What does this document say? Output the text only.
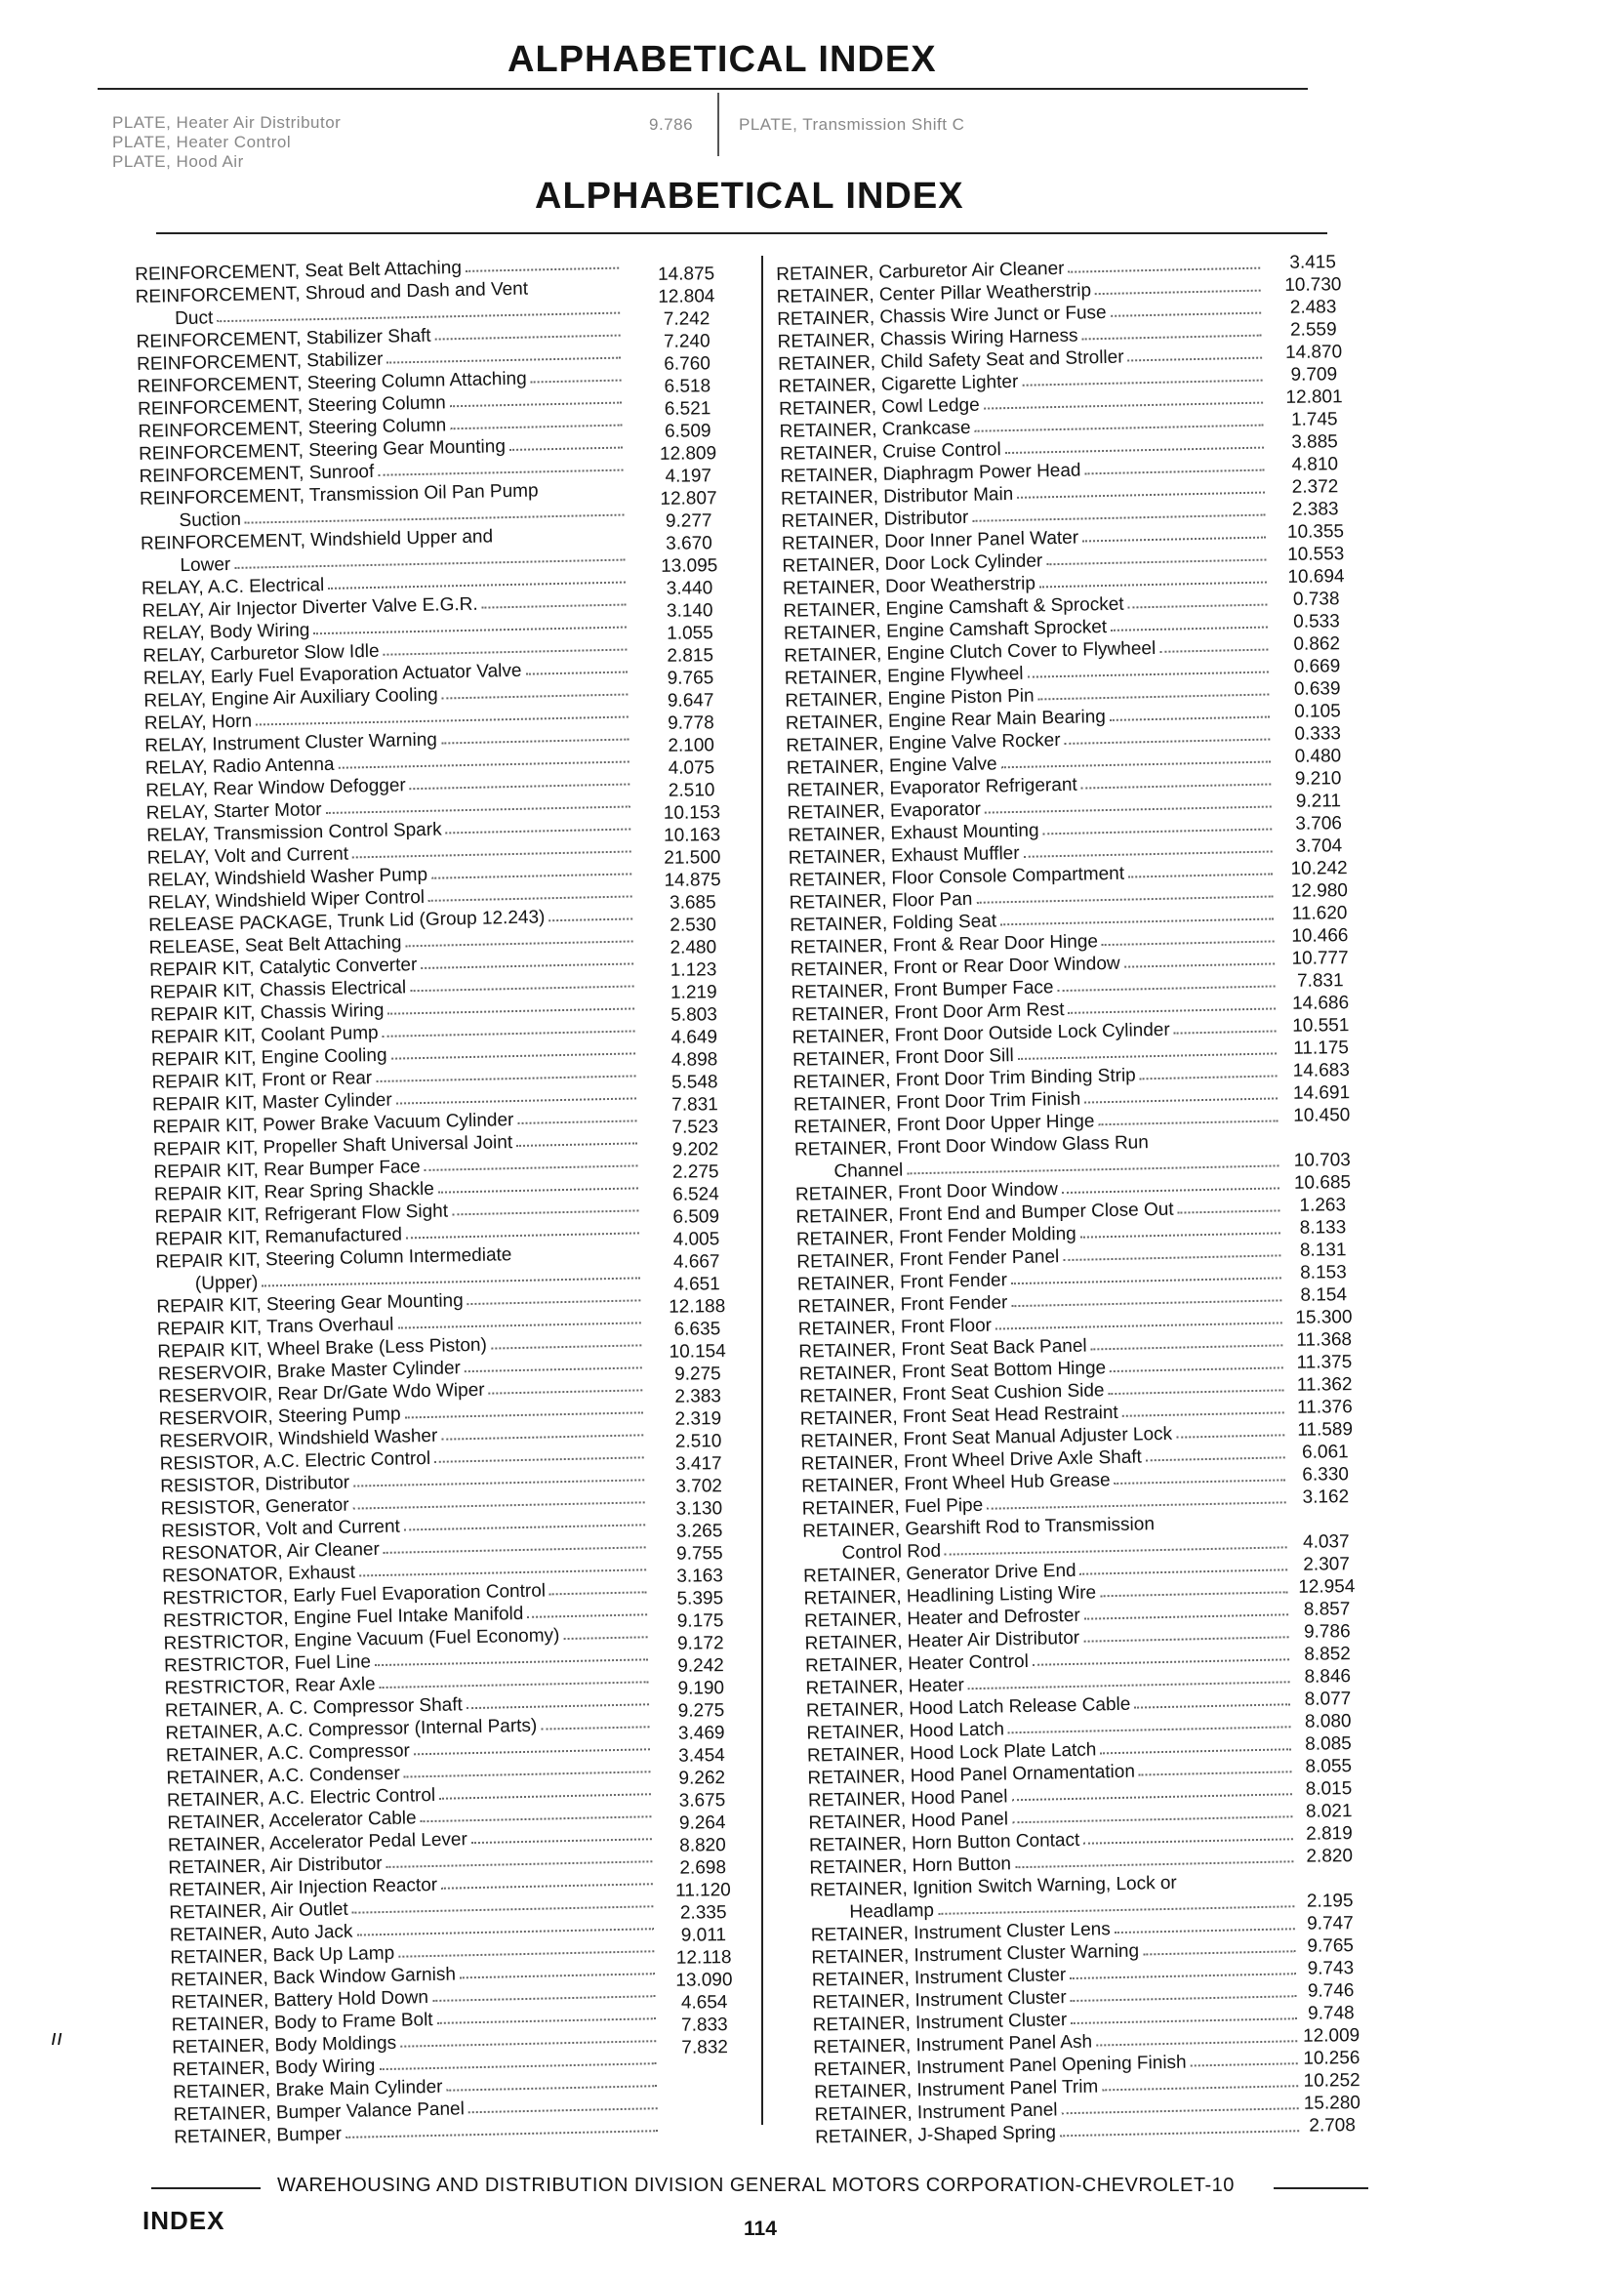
ALPHABETICAL INDEX
PLATE, Heater Air Distributor
PLATE, Heater Control
PLATE, Hood Air
9.786	PLATE, Transmission Shift C
ALPHABETICAL INDEX
REINFORCEMENT, Seat Belt Attaching
REINFORCEMENT, Shroud and Dash and Vent
Duct
REINFORCEMENT, Stabilizer Shaft
REINFORCEMENT, Stabilizer
REINFORCEMENT, Steering Column Attaching
REINFORCEMENT, Steering Column
REINFORCEMENT, Steering Column
REINFORCEMENT, Steering Gear Mounting
REINFORCEMENT, Sunroof
REINFORCEMENT, Transmission Oil Pan Pump
Suction
REINFORCEMENT, Windshield Upper and
Lower
RELAY, A.C. Electrical
RELAY, Air Injector Diverter Valve E.G.R.
RELAY, Body Wiring
RELAY, Carburetor Slow Idle
RELAY, Early Fuel Evaporation Actuator Valve
RELAY, Engine Air Auxiliary Cooling
RELAY, Horn
RELAY, Instrument Cluster Warning
RELAY, Radio Antenna
RELAY, Rear Window Defogger
RELAY, Starter Motor
RELAY, Transmission Control Spark
RELAY, Volt and Current
RELAY, Windshield Washer Pump
RELAY, Windshield Wiper Control
RELEASE PACKAGE, Trunk Lid (Group 12.243)
RELEASE, Seat Belt Attaching
REPAIR KIT, Catalytic Converter
REPAIR KIT, Chassis Electrical
REPAIR KIT, Chassis Wiring
REPAIR KIT, Coolant Pump
REPAIR KIT, Engine Cooling
REPAIR KIT, Front or Rear
REPAIR KIT, Master Cylinder
REPAIR KIT, Power Brake Vacuum Cylinder
REPAIR KIT, Propeller Shaft Universal Joint
REPAIR KIT, Rear Bumper Face
REPAIR KIT, Rear Spring Shackle
REPAIR KIT, Refrigerant Flow Sight
REPAIR KIT, Remanufactured
REPAIR KIT, Steering Column Intermediate
(Upper)
REPAIR KIT, Steering Gear Mounting
REPAIR KIT, Trans Overhaul
REPAIR KIT, Wheel Brake (Less Piston)
RESERVOIR, Brake Master Cylinder
RESERVOIR, Rear Dr/Gate Wdo Wiper
RESERVOIR, Steering Pump
RESERVOIR, Windshield Washer
RESISTOR, A.C. Electric Control
RESISTOR, Distributor
RESISTOR, Generator
RESISTOR, Volt and Current
RESONATOR, Air Cleaner
RESONATOR, Exhaust
RESTRICTOR, Early Fuel Evaporation Control
RESTRICTOR, Engine Fuel Intake Manifold
RESTRICTOR, Engine Vacuum (Fuel Economy)
RESTRICTOR, Fuel Line
RESTRICTOR, Rear Axle
RETAINER, A. C. Compressor Shaft
RETAINER, A.C. Compressor (Internal Parts)
RETAINER, A.C. Compressor
RETAINER, A.C. Condenser
RETAINER, A.C. Electric Control
RETAINER, Accelerator Cable
RETAINER, Accelerator Pedal Lever
RETAINER, Air Distributor
RETAINER, Air Injection Reactor
RETAINER, Air Outlet
RETAINER, Auto Jack
RETAINER, Back Up Lamp
RETAINER, Back Window Garnish
RETAINER, Battery Hold Down
RETAINER, Body to Frame Bolt
RETAINER, Body Moldings
RETAINER, Body Wiring
RETAINER, Brake Main Cylinder
RETAINER, Bumper Valance Panel
RETAINER, Bumper
14.875
12.804
7.242
7.240
6.760
6.518
6.521
6.509
12.809
4.197
12.807
9.277
3.670
13.095
3.440
3.140
1.055
2.815
9.765
9.647
9.778
2.100
4.075
2.510
10.153
10.163
21.500
14.875
3.685
2.530
2.480
1.123
1.219
5.803
4.649
4.898
5.548
7.831
7.523
9.202
2.275
6.524
6.509
4.005
4.667
4.651
12.188
6.635
10.154
9.275
2.383
2.319
2.510
3.417
3.702
3.130
3.265
9.755
3.163
5.395
9.175
9.172
9.242
9.190
9.275
3.469
3.454
9.262
3.675
9.264
8.820
2.698
11.120
2.335
9.011
12.118
13.090
4.654
7.833
7.832
RETAINER, Carburetor Air Cleaner
RETAINER, Center Pillar Weatherstrip
RETAINER, Chassis Wire Junct or Fuse
RETAINER, Chassis Wiring Harness
RETAINER, Child Safety Seat and Stroller
RETAINER, Cigarette Lighter
RETAINER, Cowl Ledge
RETAINER, Crankcase
RETAINER, Cruise Control
RETAINER, Diaphragm Power Head
RETAINER, Distributor Main
RETAINER, Distributor
RETAINER, Door Inner Panel Water
RETAINER, Door Lock Cylinder
RETAINER, Door Weatherstrip
RETAINER, Engine Camshaft & Sprocket
RETAINER, Engine Camshaft Sprocket
RETAINER, Engine Clutch Cover to Flywheel
RETAINER, Engine Flywheel
RETAINER, Engine Piston Pin
RETAINER, Engine Rear Main Bearing
RETAINER, Engine Valve Rocker
RETAINER, Engine Valve
RETAINER, Evaporator Refrigerant
RETAINER, Evaporator
RETAINER, Exhaust Mounting
RETAINER, Exhaust Muffler
RETAINER, Floor Console Compartment
RETAINER, Floor Pan
RETAINER, Folding Seat
RETAINER, Front & Rear Door Hinge
RETAINER, Front or Rear Door Window
RETAINER, Front Bumper Face
RETAINER, Front Door Arm Rest
RETAINER, Front Door Outside Lock Cylinder
RETAINER, Front Door Sill
RETAINER, Front Door Trim Binding Strip
RETAINER, Front Door Trim Finish
RETAINER, Front Door Upper Hinge
RETAINER, Front Door Window Glass Run
Channel
RETAINER, Front Door Window
RETAINER, Front End and Bumper Close Out
RETAINER, Front Fender Molding
RETAINER, Front Fender Panel
RETAINER, Front Fender
RETAINER, Front Fender
RETAINER, Front Floor
RETAINER, Front Seat Back Panel
RETAINER, Front Seat Bottom Hinge
RETAINER, Front Seat Cushion Side
RETAINER, Front Seat Head Restraint
RETAINER, Front Seat Manual Adjuster Lock
RETAINER, Front Wheel Drive Axle Shaft
RETAINER, Front Wheel Hub Grease
RETAINER, Fuel Pipe
RETAINER, Gearshift Rod to Transmission
Control Rod
RETAINER, Generator Drive End
RETAINER, Headlining Listing Wire
RETAINER, Heater and Defroster
RETAINER, Heater Air Distributor
RETAINER, Heater Control
RETAINER, Heater
RETAINER, Hood Latch Release Cable
RETAINER, Hood Latch
RETAINER, Hood Lock Plate Latch
RETAINER, Hood Panel Ornamentation
RETAINER, Hood Panel
RETAINER, Hood Panel
RETAINER, Horn Button Contact
RETAINER, Horn Button
RETAINER, Ignition Switch Warning, Lock or
Headlamp
RETAINER, Instrument Cluster Lens
RETAINER, Instrument Cluster Warning
RETAINER, Instrument Cluster
RETAINER, Instrument Cluster
RETAINER, Instrument Cluster
RETAINER, Instrument Panel Ash
RETAINER, Instrument Panel Opening Finish
RETAINER, Instrument Panel Trim
RETAINER, Instrument Panel
RETAINER, J-Shaped Spring
3.415
10.730
2.483
2.559
14.870
9.709
12.801
1.745
3.885
4.810
2.372
2.383
10.355
10.553
10.694
0.738
0.533
0.862
0.669
0.639
0.105
0.333
0.480
9.210
9.211
3.706
3.704
10.242
12.980
11.620
10.466
10.777
7.831
14.686
10.551
11.175
14.683
14.691
10.450
10.703
10.685
1.263
8.133
8.131
8.153
8.154
15.300
11.368
11.375
11.362
11.376
11.589
6.061
6.330
3.162
4.037
2.307
12.954
8.857
9.786
8.852
8.846
8.077
8.080
8.085
8.055
8.015
8.021
2.819
2.820
2.195
9.747
9.765
9.743
9.746
9.748
12.009
10.256
10.252
15.280
2.708
ıı
WAREHOUSING AND DISTRIBUTION DIVISION GENERAL MOTORS CORPORATION-CHEVROLET-10
INDEX	114
